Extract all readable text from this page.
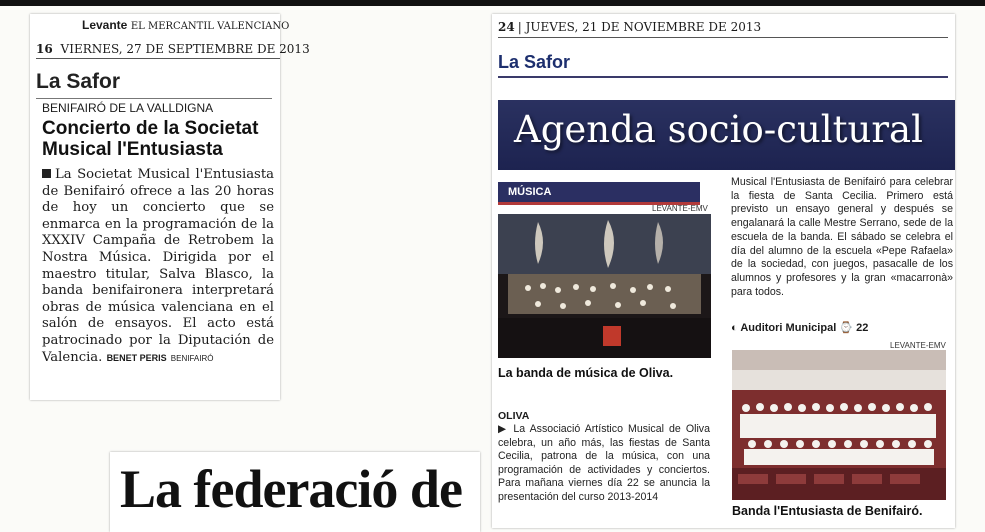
Levante EL MERCANTIL VALENCIANO
16 VIERNES, 27 DE SEPTIEMBRE DE 2013
La Safor
BENIFAIRÓ DE LA VALLDIGNA
Concierto de la Societat Musical l'Entusiasta
La Societat Musical l'Entusiasta de Benifairó ofrece a las 20 horas de hoy un concierto que se enmarca en la programación de la XXXIV Campaña de Retrobem la Nostra Música. Dirigida por el maestro titular, Salva Blasco, la banda benifaironera interpretará obras de música valenciana en el salón de ensayos. El acto está patrocinado por la Diputación de Valencia. BENET PERIS BENIFAIRÓ
24 | JUEVES, 21 DE NOVIEMBRE DE 2013
La Safor
Agenda socio-cultural
MÚSICA
LEVANTE-EMV
La banda de música de Oliva.
OLIVA
▶ La Associació Artístico Musical de Oliva celebra, un año más, las fiestas de Santa Cecilia, patrona de la música, con una programación de actividades y conciertos. Para mañana viernes día 22 se anuncia la presentación del curso 2013-2014
Musical l'Entusiasta de Benifairó para celebrar la fiesta de Santa Cecilia. Primero está previsto un ensayo general y después se engalanará la calle Mestre Serrano, sede de la escuela de la banda. El sábado se celebra el día del alumno de la escuela «Pepe Rafaela» de la sociedad, con juegos, pasacalle de los alumnos y profesores y la gran «macarronà» para todos.
◐ Auditori Municipal ⌚ 22
LEVANTE-EMV
Banda l'Entusiasta de Benifairó.
La federació de
